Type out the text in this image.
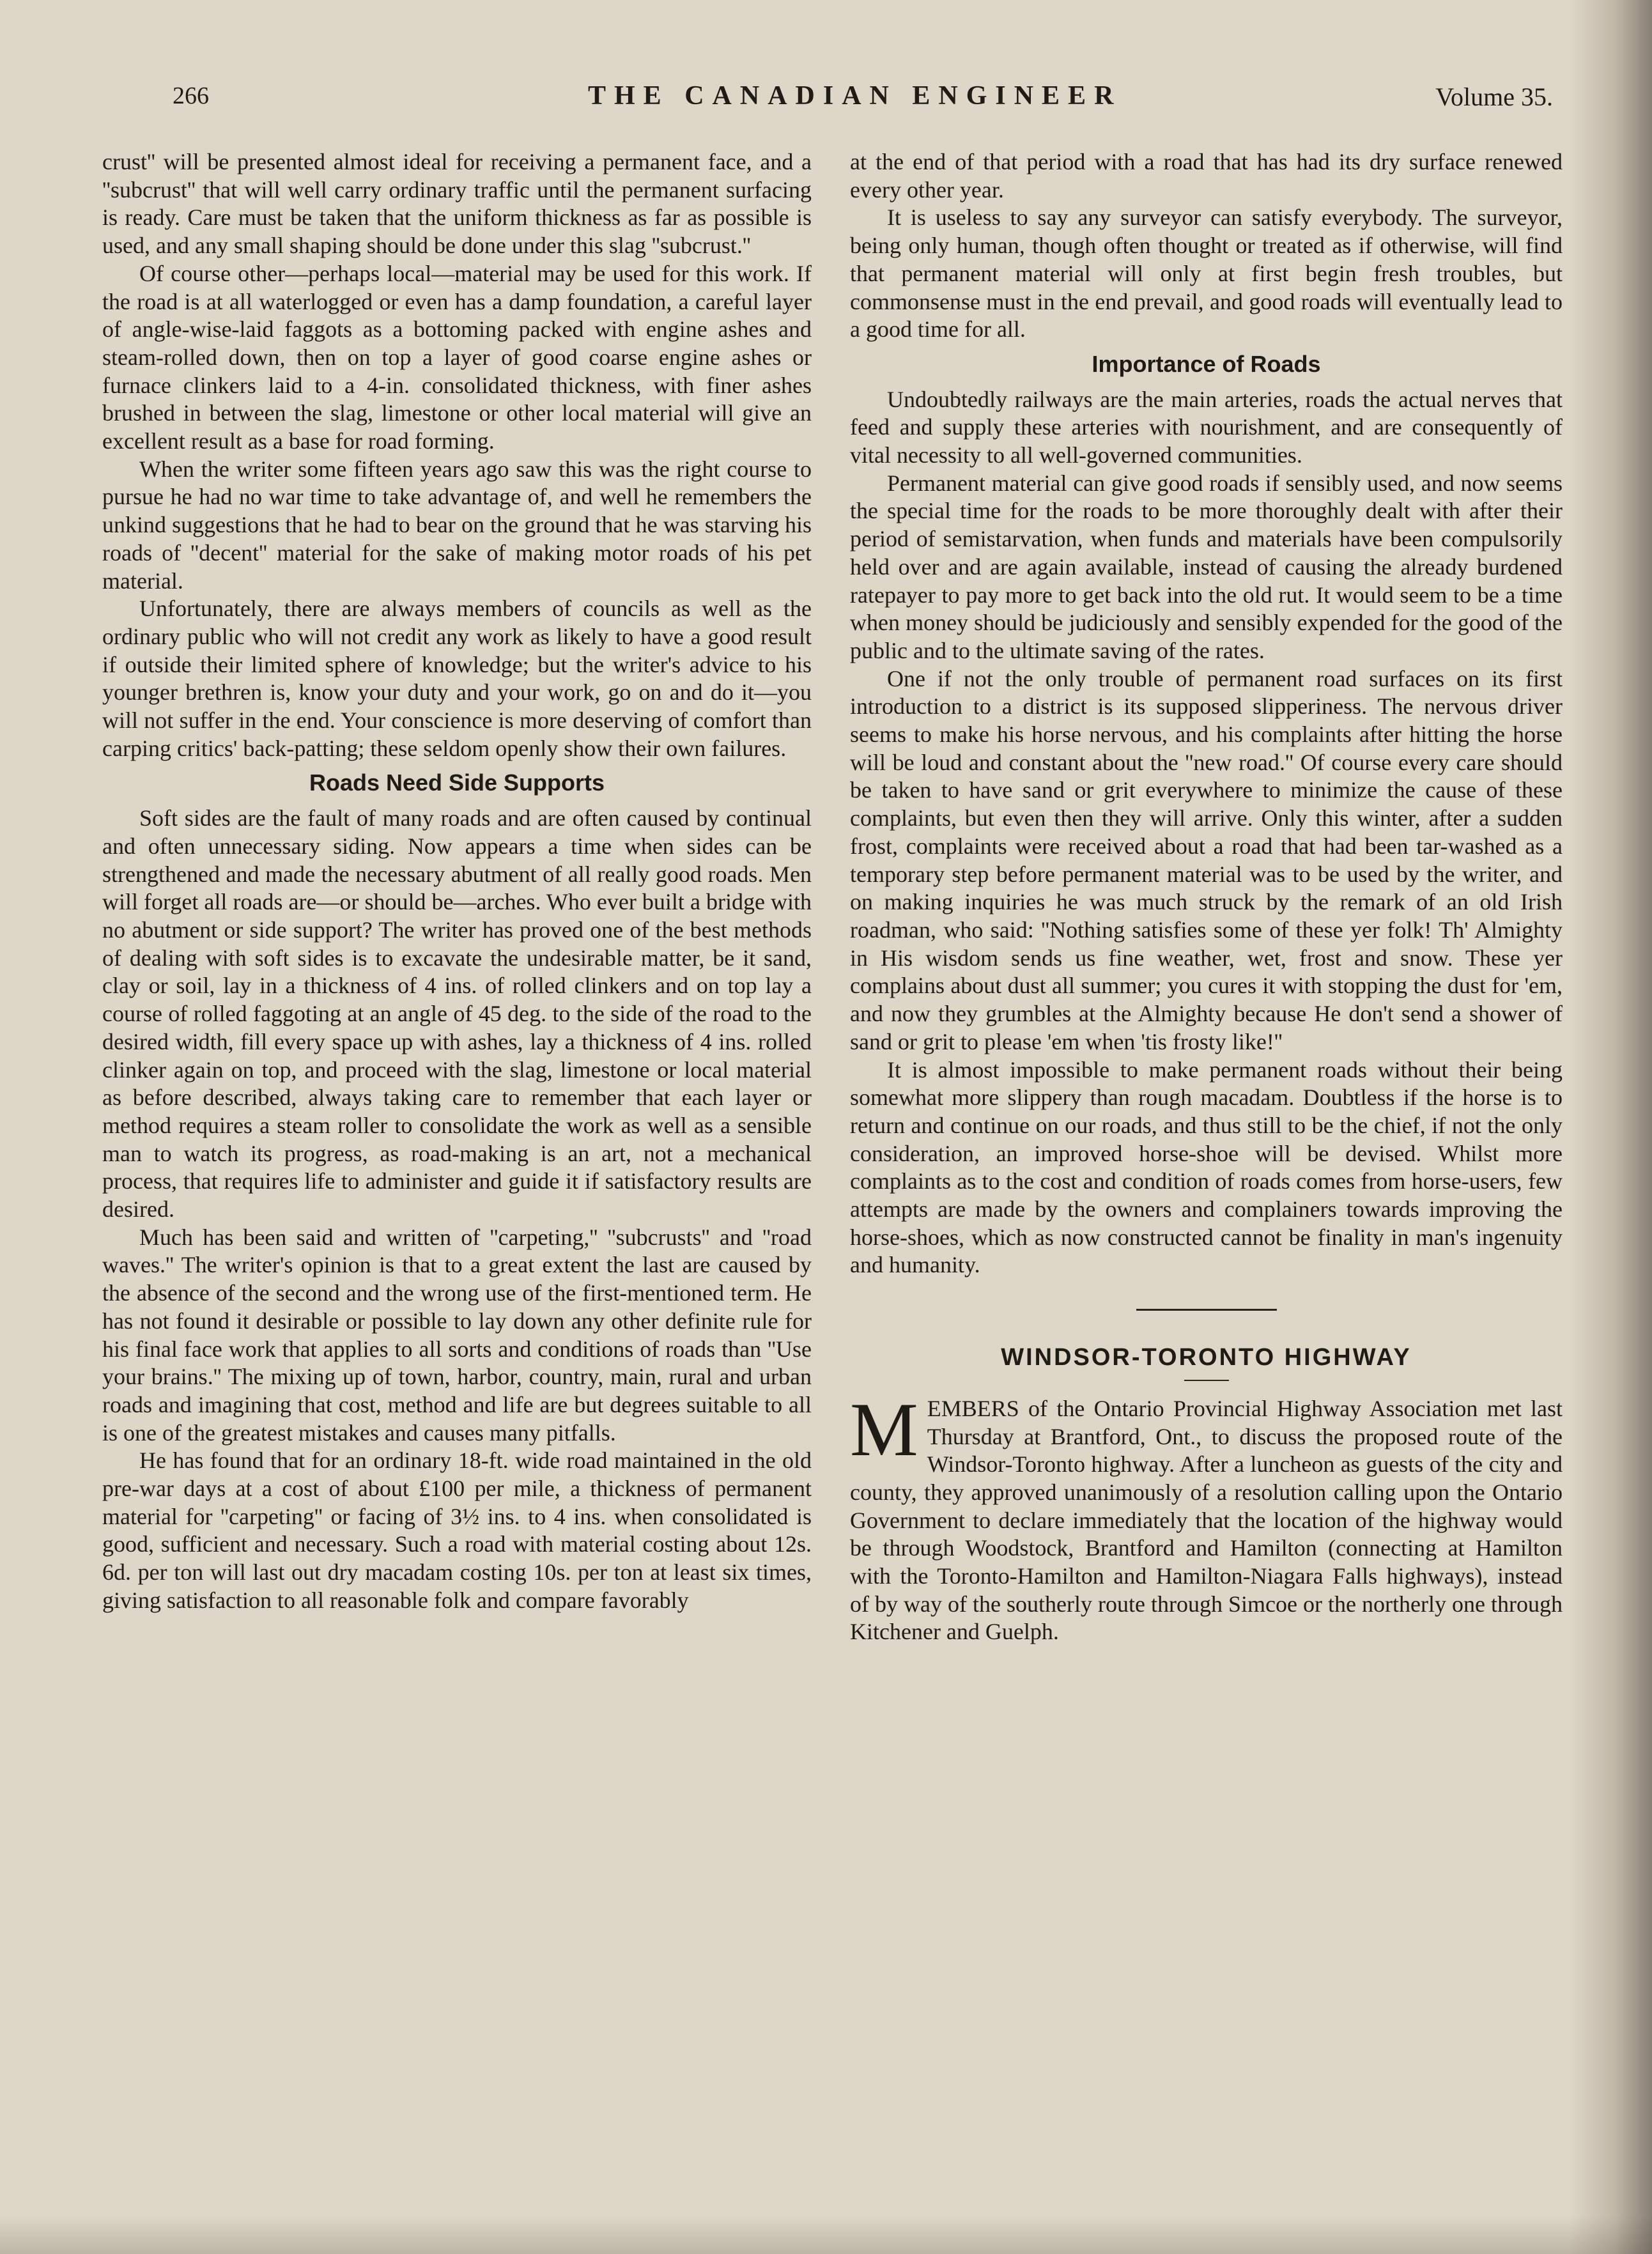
266	THE CANADIAN ENGINEER	Volume 35.

crust'' will be presented almost ideal for receiving a permanent face, and a ''subcrust'' that will well carry ordinary traffic until the permanent surfacing is ready. Care must be taken that the uniform thickness as far as possible is used, and any small shaping should be done under this slag ''subcrust.''

Of course other—perhaps local—material may be used for this work. If the road is at all waterlogged or even has a damp foundation, a careful layer of angle-wise-laid faggots as a bottoming packed with engine ashes and steam-rolled down, then on top a layer of good coarse engine ashes or furnace clinkers laid to a 4-in. consolidated thickness, with finer ashes brushed in between the slag, limestone or other local material will give an excellent result as a base for road forming.

When the writer some fifteen years ago saw this was the right course to pursue he had no war time to take advantage of, and well he remembers the unkind suggestions that he had to bear on the ground that he was starving his roads of ''decent'' material for the sake of making motor roads of his pet material.

Unfortunately, there are always members of councils as well as the ordinary public who will not credit any work as likely to have a good result if outside their limited sphere of knowledge; but the writer's advice to his younger brethren is, know your duty and your work, go on and do it—you will not suffer in the end. Your conscience is more deserving of comfort than carping critics' back-patting; these seldom openly show their own failures.

Roads Need Side Supports

Soft sides are the fault of many roads and are often caused by continual and often unnecessary siding. Now appears a time when sides can be strengthened and made the necessary abutment of all really good roads. Men will forget all roads are—or should be—arches. Who ever built a bridge with no abutment or side support? The writer has proved one of the best methods of dealing with soft sides is to excavate the undesirable matter, be it sand, clay or soil, lay in a thickness of 4 ins. of rolled clinkers and on top lay a course of rolled faggoting at an angle of 45 deg. to the side of the road to the desired width, fill every space up with ashes, lay a thickness of 4 ins. rolled clinker again on top, and proceed with the slag, limestone or local material as before described, always taking care to remember that each layer or method requires a steam roller to consolidate the work as well as a sensible man to watch its progress, as road-making is an art, not a mechanical process, that requires life to administer and guide it if satisfactory results are desired.

Much has been said and written of ''carpeting,'' ''subcrusts'' and ''road waves.'' The writer's opinion is that to a great extent the last are caused by the absence of the second and the wrong use of the first-mentioned term. He has not found it desirable or possible to lay down any other definite rule for his final face work that applies to all sorts and conditions of roads than ''Use your brains.'' The mixing up of town, harbor, country, main, rural and urban roads and imagining that cost, method and life are but degrees suitable to all is one of the greatest mistakes and causes many pitfalls.

He has found that for an ordinary 18-ft. wide road maintained in the old pre-war days at a cost of about £100 per mile, a thickness of permanent material for ''carpeting'' or facing of 3½ ins. to 4 ins. when consolidated is good, sufficient and necessary. Such a road with material costing about 12s. 6d. per ton will last out dry macadam costing 10s. per ton at least six times, giving satisfaction to all reasonable folk and compare favorably

at the end of that period with a road that has had its dry surface renewed every other year.

It is useless to say any surveyor can satisfy everybody. The surveyor, being only human, though often thought or treated as if otherwise, will find that permanent material will only at first begin fresh troubles, but commonsense must in the end prevail, and good roads will eventually lead to a good time for all.

Importance of Roads

Undoubtedly railways are the main arteries, roads the actual nerves that feed and supply these arteries with nourishment, and are consequently of vital necessity to all well-governed communities.

Permanent material can give good roads if sensibly used, and now seems the special time for the roads to be more thoroughly dealt with after their period of semistarvation, when funds and materials have been compulsorily held over and are again available, instead of causing the already burdened ratepayer to pay more to get back into the old rut. It would seem to be a time when money should be judiciously and sensibly expended for the good of the public and to the ultimate saving of the rates.

One if not the only trouble of permanent road surfaces on its first introduction to a district is its supposed slipperiness. The nervous driver seems to make his horse nervous, and his complaints after hitting the horse will be loud and constant about the ''new road.'' Of course every care should be taken to have sand or grit everywhere to minimize the cause of these complaints, but even then they will arrive. Only this winter, after a sudden frost, complaints were received about a road that had been tar-washed as a temporary step before permanent material was to be used by the writer, and on making inquiries he was much struck by the remark of an old Irish roadman, who said: ''Nothing satisfies some of these yer folk! Th' Almighty in His wisdom sends us fine weather, wet, frost and snow. These yer complains about dust all summer; you cures it with stopping the dust for 'em, and now they grumbles at the Almighty because He don't send a shower of sand or grit to please 'em when 'tis frosty like!''

It is almost impossible to make permanent roads without their being somewhat more slippery than rough macadam. Doubtless if the horse is to return and continue on our roads, and thus still to be the chief, if not the only consideration, an improved horse-shoe will be devised. Whilst more complaints as to the cost and condition of roads comes from horse-users, few attempts are made by the owners and complainers towards improving the horse-shoes, which as now constructed cannot be finality in man's ingenuity and humanity.

WINDSOR-TORONTO HIGHWAY

MEMBERS of the Ontario Provincial Highway Association met last Thursday at Brantford, Ont., to discuss the proposed route of the Windsor-Toronto highway. After a luncheon as guests of the city and county, they approved unanimously of a resolution calling upon the Ontario Government to declare immediately that the location of the highway would be through Woodstock, Brantford and Hamilton (connecting at Hamilton with the Toronto-Hamilton and Hamilton-Niagara Falls highways), instead of by way of the southerly route through Simcoe or the northerly one through Kitchener and Guelph.
